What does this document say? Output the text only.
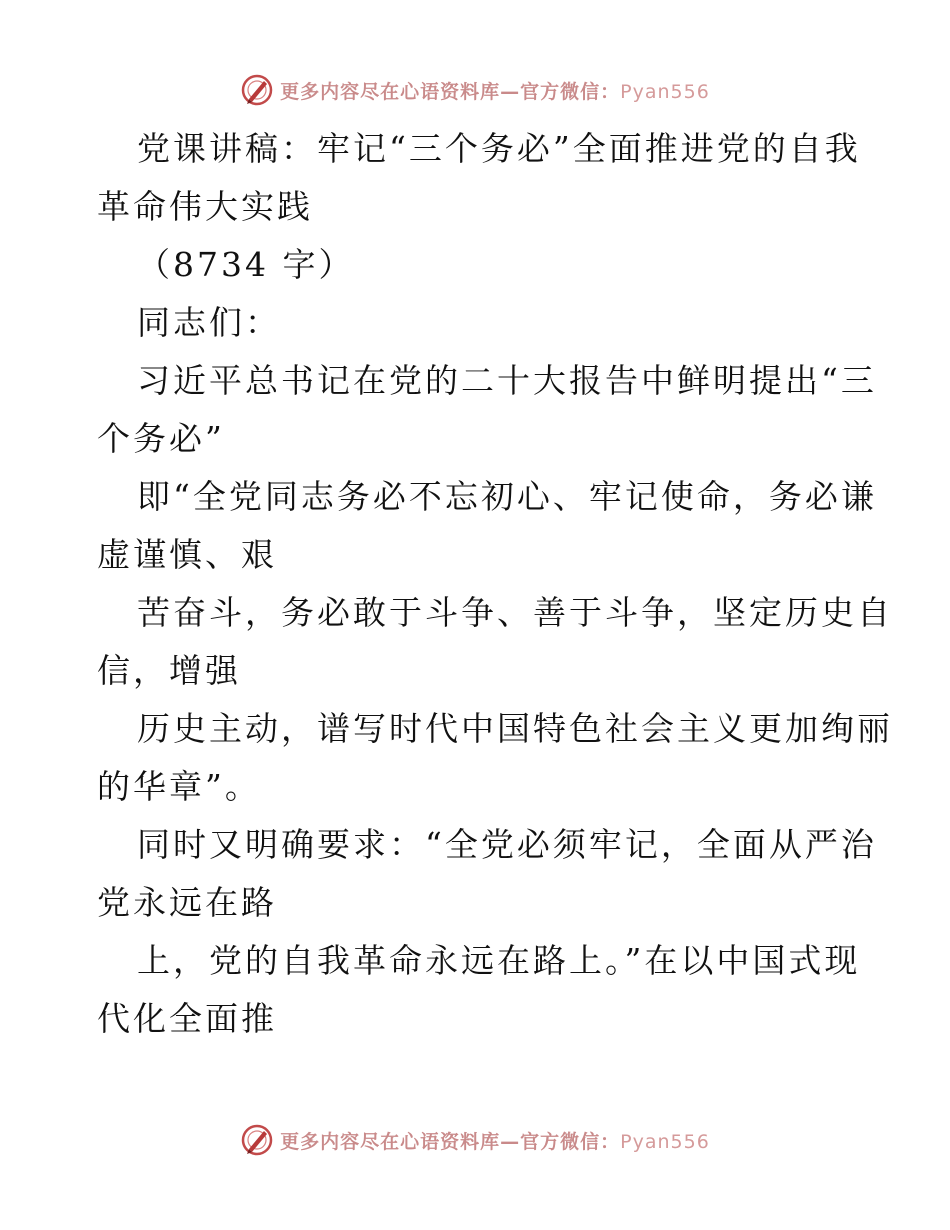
更多内容尽在心语资料库—官方微信：Pyan556
党课讲稿：牢记“三个务必”全面推进党的自我
革命伟大实践
（8734 字）
同志们：
习近平总书记在党的二十大报告中鲜明提出“三
个务必”
即“全党同志务必不忘初心、牢记使命，务必谦
虚谨慎、艰
苦奋斗，务必敢于斗争、善于斗争，坚定历史自
信，增强
历史主动，谱写时代中国特色社会主义更加绚丽
的华章”。
同时又明确要求：“全党必须牢记，全面从严治
党永远在路
上，党的自我革命永远在路上。”在以中国式现
代化全面推
更多内容尽在心语资料库—官方微信：Pyan556
